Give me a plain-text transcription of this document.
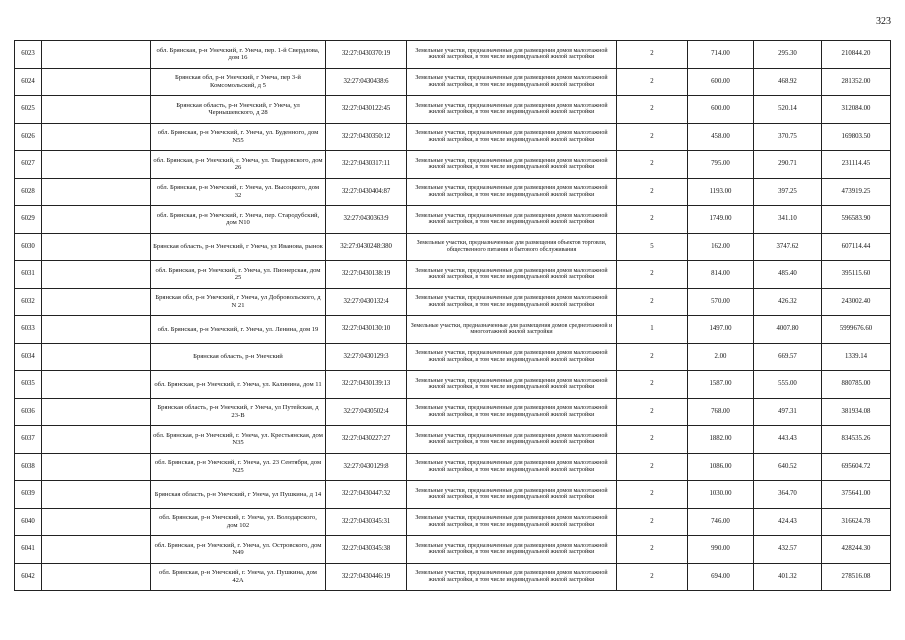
323
6023		обл. Брянская, р-н Унечский, г. Унеча, пер. 1-й Свердлова, дом 16	32:27:0430370:19	Земельные участки, предназначенные для размещения домов малоэтажной жилой застройки, в том числе индивидуальной жилой застройки	2	714.00	295.30	210844.20
6024		Брянская обл, р-н Унечский, г Унеча, пер 3-й Комсомольский, д 5	32:27:0430438:6	Земельные участки, предназначенные для размещения домов малоэтажной жилой застройки, в том числе индивидуальной жилой застройки	2	600.00	468.92	281352.00
6025		Брянская область, р-н Унечский, г Унеча, ул Чернышевского, д 28	32:27:0430122:45	Земельные участки, предназначенные для размещения домов малоэтажной жилой застройки, в том числе индивидуальной жилой застройки	2	600.00	520.14	312084.00
6026		обл. Брянская, р-н Унечский, г. Унеча, ул. Буденного, дом N55	32:27:0430350:12	Земельные участки, предназначенные для размещения домов малоэтажной жилой застройки, в том числе индивидуальной жилой застройки	2	458.00	370.75	169803.50
6027		обл. Брянская, р-н Унечский, г. Унеча, ул. Твардовского, дом 26	32:27:0430317:11	Земельные участки, предназначенные для размещения домов малоэтажной жилой застройки, в том числе индивидуальной жилой застройки	2	795.00	290.71	231114.45
6028		обл. Брянская, р-н Унечский, г. Унеча, ул. Высоцкого, дом 32	32:27:0430404:87	Земельные участки, предназначенные для размещения домов малоэтажной жилой застройки, в том числе индивидуальной жилой застройки	2	1193.00	397.25	473919.25
6029		обл. Брянская, р-н Унечский, г. Унеча, пер. Стародубский, дом N10	32:27:0430363:9	Земельные участки, предназначенные для размещения домов малоэтажной жилой застройки, в том числе индивидуальной жилой застройки	2	1749.00	341.10	596583.90
6030		Брянская область, р-н Унечский, г Унеча, ул Иванова, рынок	32:27:0430248:380	Земельные участки, предназначенные для размещения объектов торговли, общественного питания и бытового обслуживания	5	162.00	3747.62	607114.44
6031		обл. Брянская, р-н Унечский, г. Унеча, ул. Пионерская, дом 25	32:27:0430138:19	Земельные участки, предназначенные для размещения домов малоэтажной жилой застройки, в том числе индивидуальной жилой застройки	2	814.00	485.40	395115.60
6032		Брянская обл, р-н Унечский, г Унеча, ул Добровольского, д N 21	32:27:0430132:4	Земельные участки, предназначенные для размещения домов малоэтажной жилой застройки, в том числе индивидуальной жилой застройки	2	570.00	426.32	243002.40
6033		обл. Брянская, р-н Унечский, г. Унеча, ул. Ленина, дом 19	32:27:0430130:10	Земельные участки, предназначенные для размещения домов среднеэтажной и многоэтажной жилой застройки	1	1497.00	4007.80	5999676.60
6034		Брянская область, р-н Унечский	32:27:0430129:3	Земельные участки, предназначенные для размещения домов малоэтажной жилой застройки, в том числе индивидуальной жилой застройки	2	2.00	669.57	1339.14
6035		обл. Брянская, р-н Унечский, г. Унеча, ул. Калинина, дом 11	32:27:0430139:13	Земельные участки, предназначенные для размещения домов малоэтажной жилой застройки, в том числе индивидуальной жилой застройки	2	1587.00	555.00	880785.00
6036		Брянская область, р-н Унечский, г Унеча, ул Путейская, д 23-В	32:27:0430502:4	Земельные участки, предназначенные для размещения домов малоэтажной жилой застройки, в том числе индивидуальной жилой застройки	2	768.00	497.31	381934.08
6037		обл. Брянская, р-н Унечский, г. Унеча, ул. Крестьянская, дом N35	32:27:0430227:27	Земельные участки, предназначенные для размещения домов малоэтажной жилой застройки, в том числе индивидуальной жилой застройки	2	1882.00	443.43	834535.26
6038		обл. Брянская, р-н Унечский, г. Унеча, ул. 23 Сентября, дом N25	32:27:0430129:8	Земельные участки, предназначенные для размещения домов малоэтажной жилой застройки, в том числе индивидуальной жилой застройки	2	1086.00	640.52	695604.72
6039		Брянская область, р-н Унечский, г Унеча, ул Пушкина, д 14	32:27:0430447:32	Земельные участки, предназначенные для размещения домов малоэтажной жилой застройки, в том числе индивидуальной жилой застройки	2	1030.00	364.70	375641.00
6040		обл. Брянская, р-н Унечский, г. Унеча, ул. Володарского, дом 102	32:27:0430345:31	Земельные участки, предназначенные для размещения домов малоэтажной жилой застройки, в том числе индивидуальной жилой застройки	2	746.00	424.43	316624.78
6041		обл. Брянская, р-н Унечский, г. Унеча, ул. Островского, дом N49	32:27:0430345:38	Земельные участки, предназначенные для размещения домов малоэтажной жилой застройки, в том числе индивидуальной жилой застройки	2	990.00	432.57	428244.30
6042		обл. Брянская, р-н Унечский, г. Унеча, ул. Пушкина, дом 42А	32:27:0430446:19	Земельные участки, предназначенные для размещения домов малоэтажной жилой застройки, в том числе индивидуальной жилой застройки	2	694.00	401.32	278516.08
